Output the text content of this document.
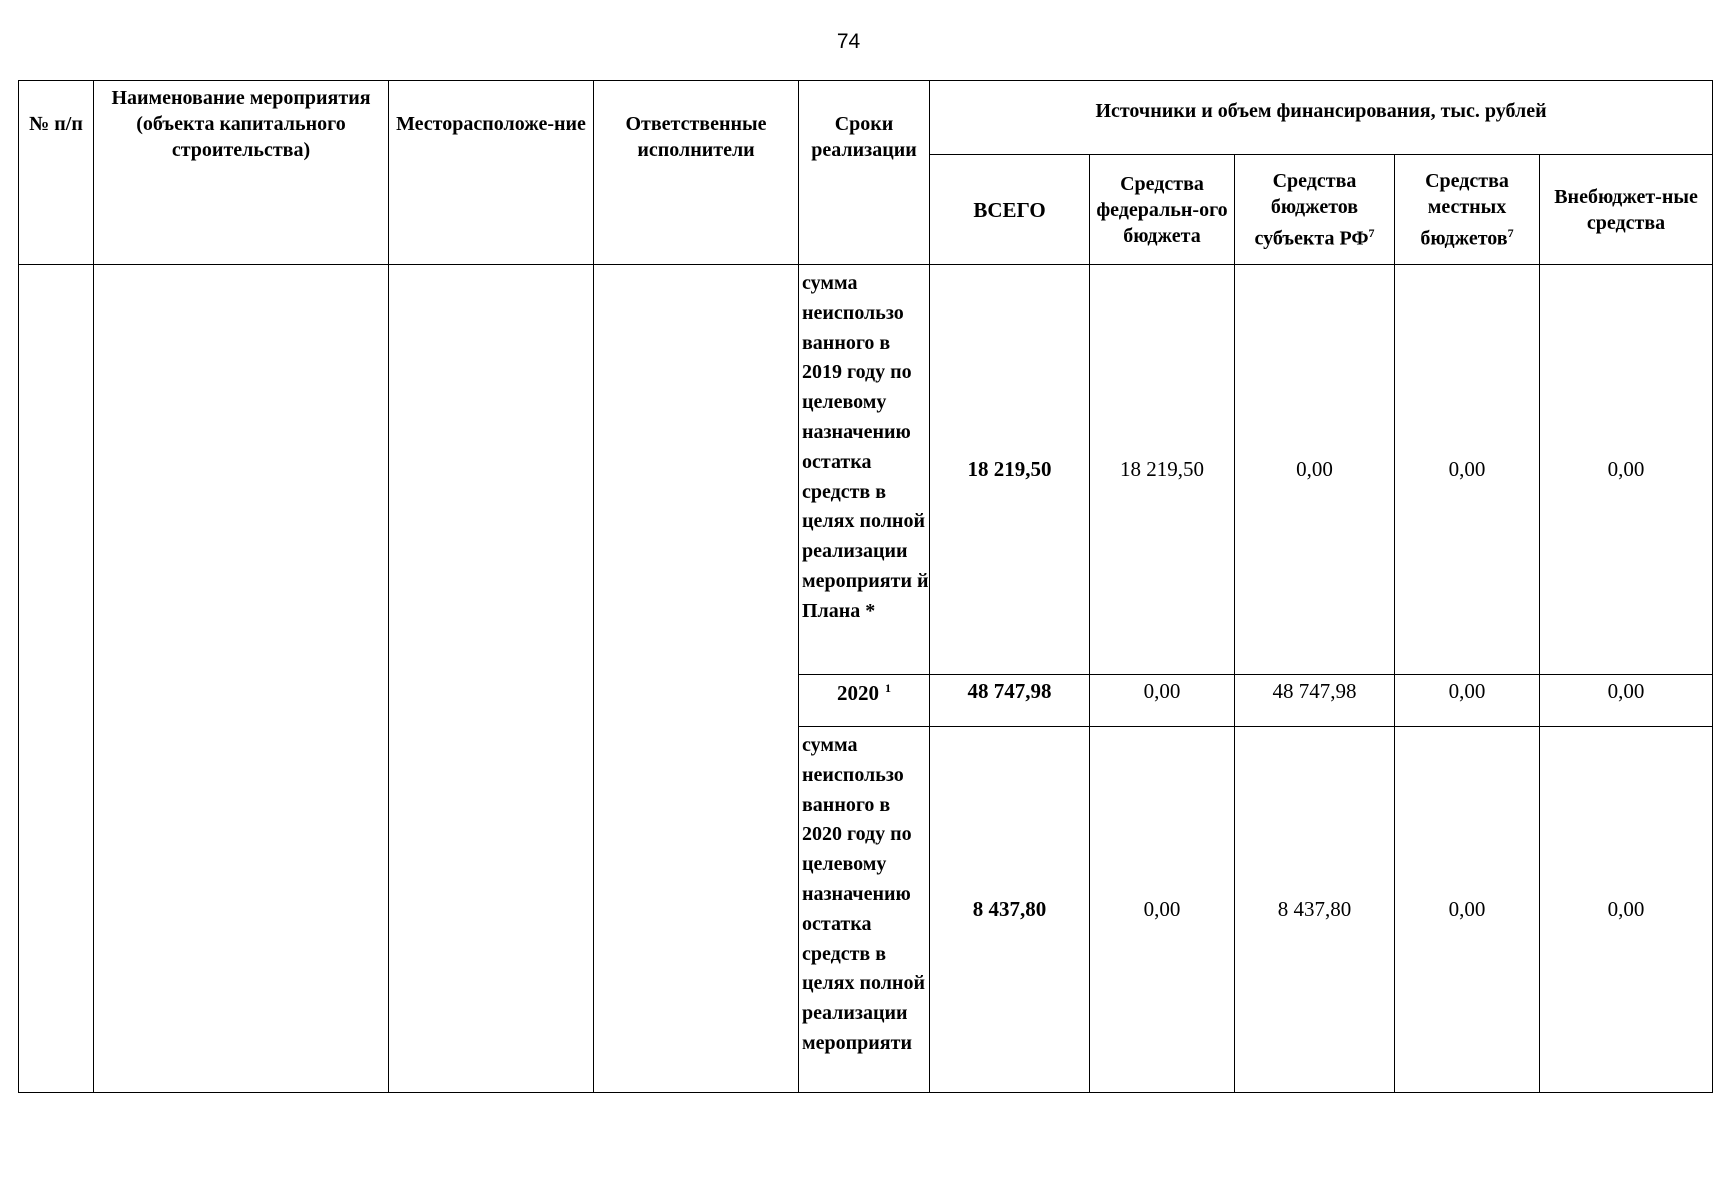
74
№ п/п	Наименование мероприятия (объекта капитального строительства)	Месторасположе-ние	Ответственные исполнители	Сроки реализации	Источники и объем финансирования, тыс. рублей				
					ВСЕГО	Средства федеральн-ого бюджета	Средства бюджетов субъекта $РФ^7$	Средства местных бюджетов$^7$	Внебюджет-ные средства
				сумма неиспользо ванного в 2019 году по целевому назначению остатка средств в целях полной реализации мероприяти й Плана *	18 219,50	18 219,50	0,00	0,00	0,00
				2020 $^1$	48 747,98	0,00	48 747,98	0,00	0,00
				сумма неиспользо ванного в 2020 году по целевому назначению остатка средств в целях полной реализации мероприяти	8 437,80	0,00	8 437,80	0,00	0,00
